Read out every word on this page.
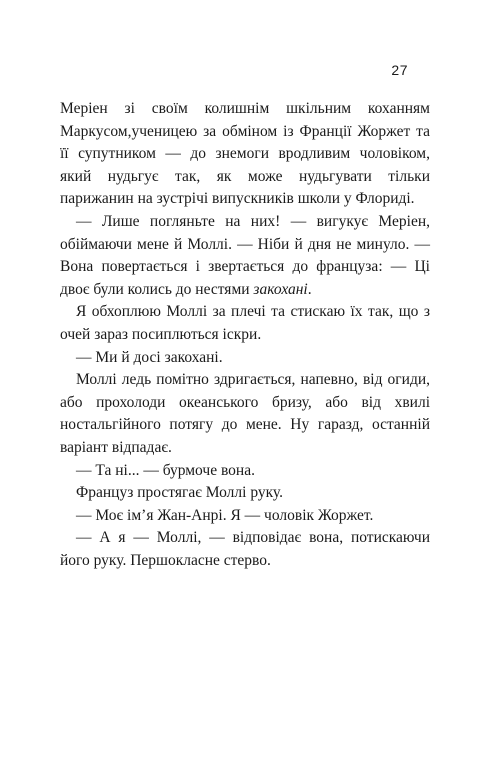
27

Меріен зі своїм колишнім шкільним коханням Маркусом,ученицею за обміном із Франції Жоржет та її супутником — до знемоги вродливим чоловіком, який нудьгує так, як може нудьгувати тільки парижанин на зустрічі випускників школи у Флориді.

— Лише погляньте на них! — вигукує Меріен, обіймаючи мене й Моллі. — Ніби й дня не минуло. — Вона повертається і звертається до француза: — Ці двоє були колись до нестями закохані.

Я обхоплюю Моллі за плечі та стискаю їх так, що з очей зараз посиплються іскри.

— Ми й досі закохані.

Моллі ледь помітно здригається, напевно, від огиди, або прохолоди океанського бризу, або від хвилі ностальгійного потягу до мене. Ну гаразд, останній варіант відпадає.

— Та ні... — бурмоче вона.

Француз простягає Моллі руку.

— Моє ім’я Жан-Анрі. Я — чоловік Жоржет.

— А я — Моллі, — відповідає вона, потискаючи його руку. Першокласне стерво.
